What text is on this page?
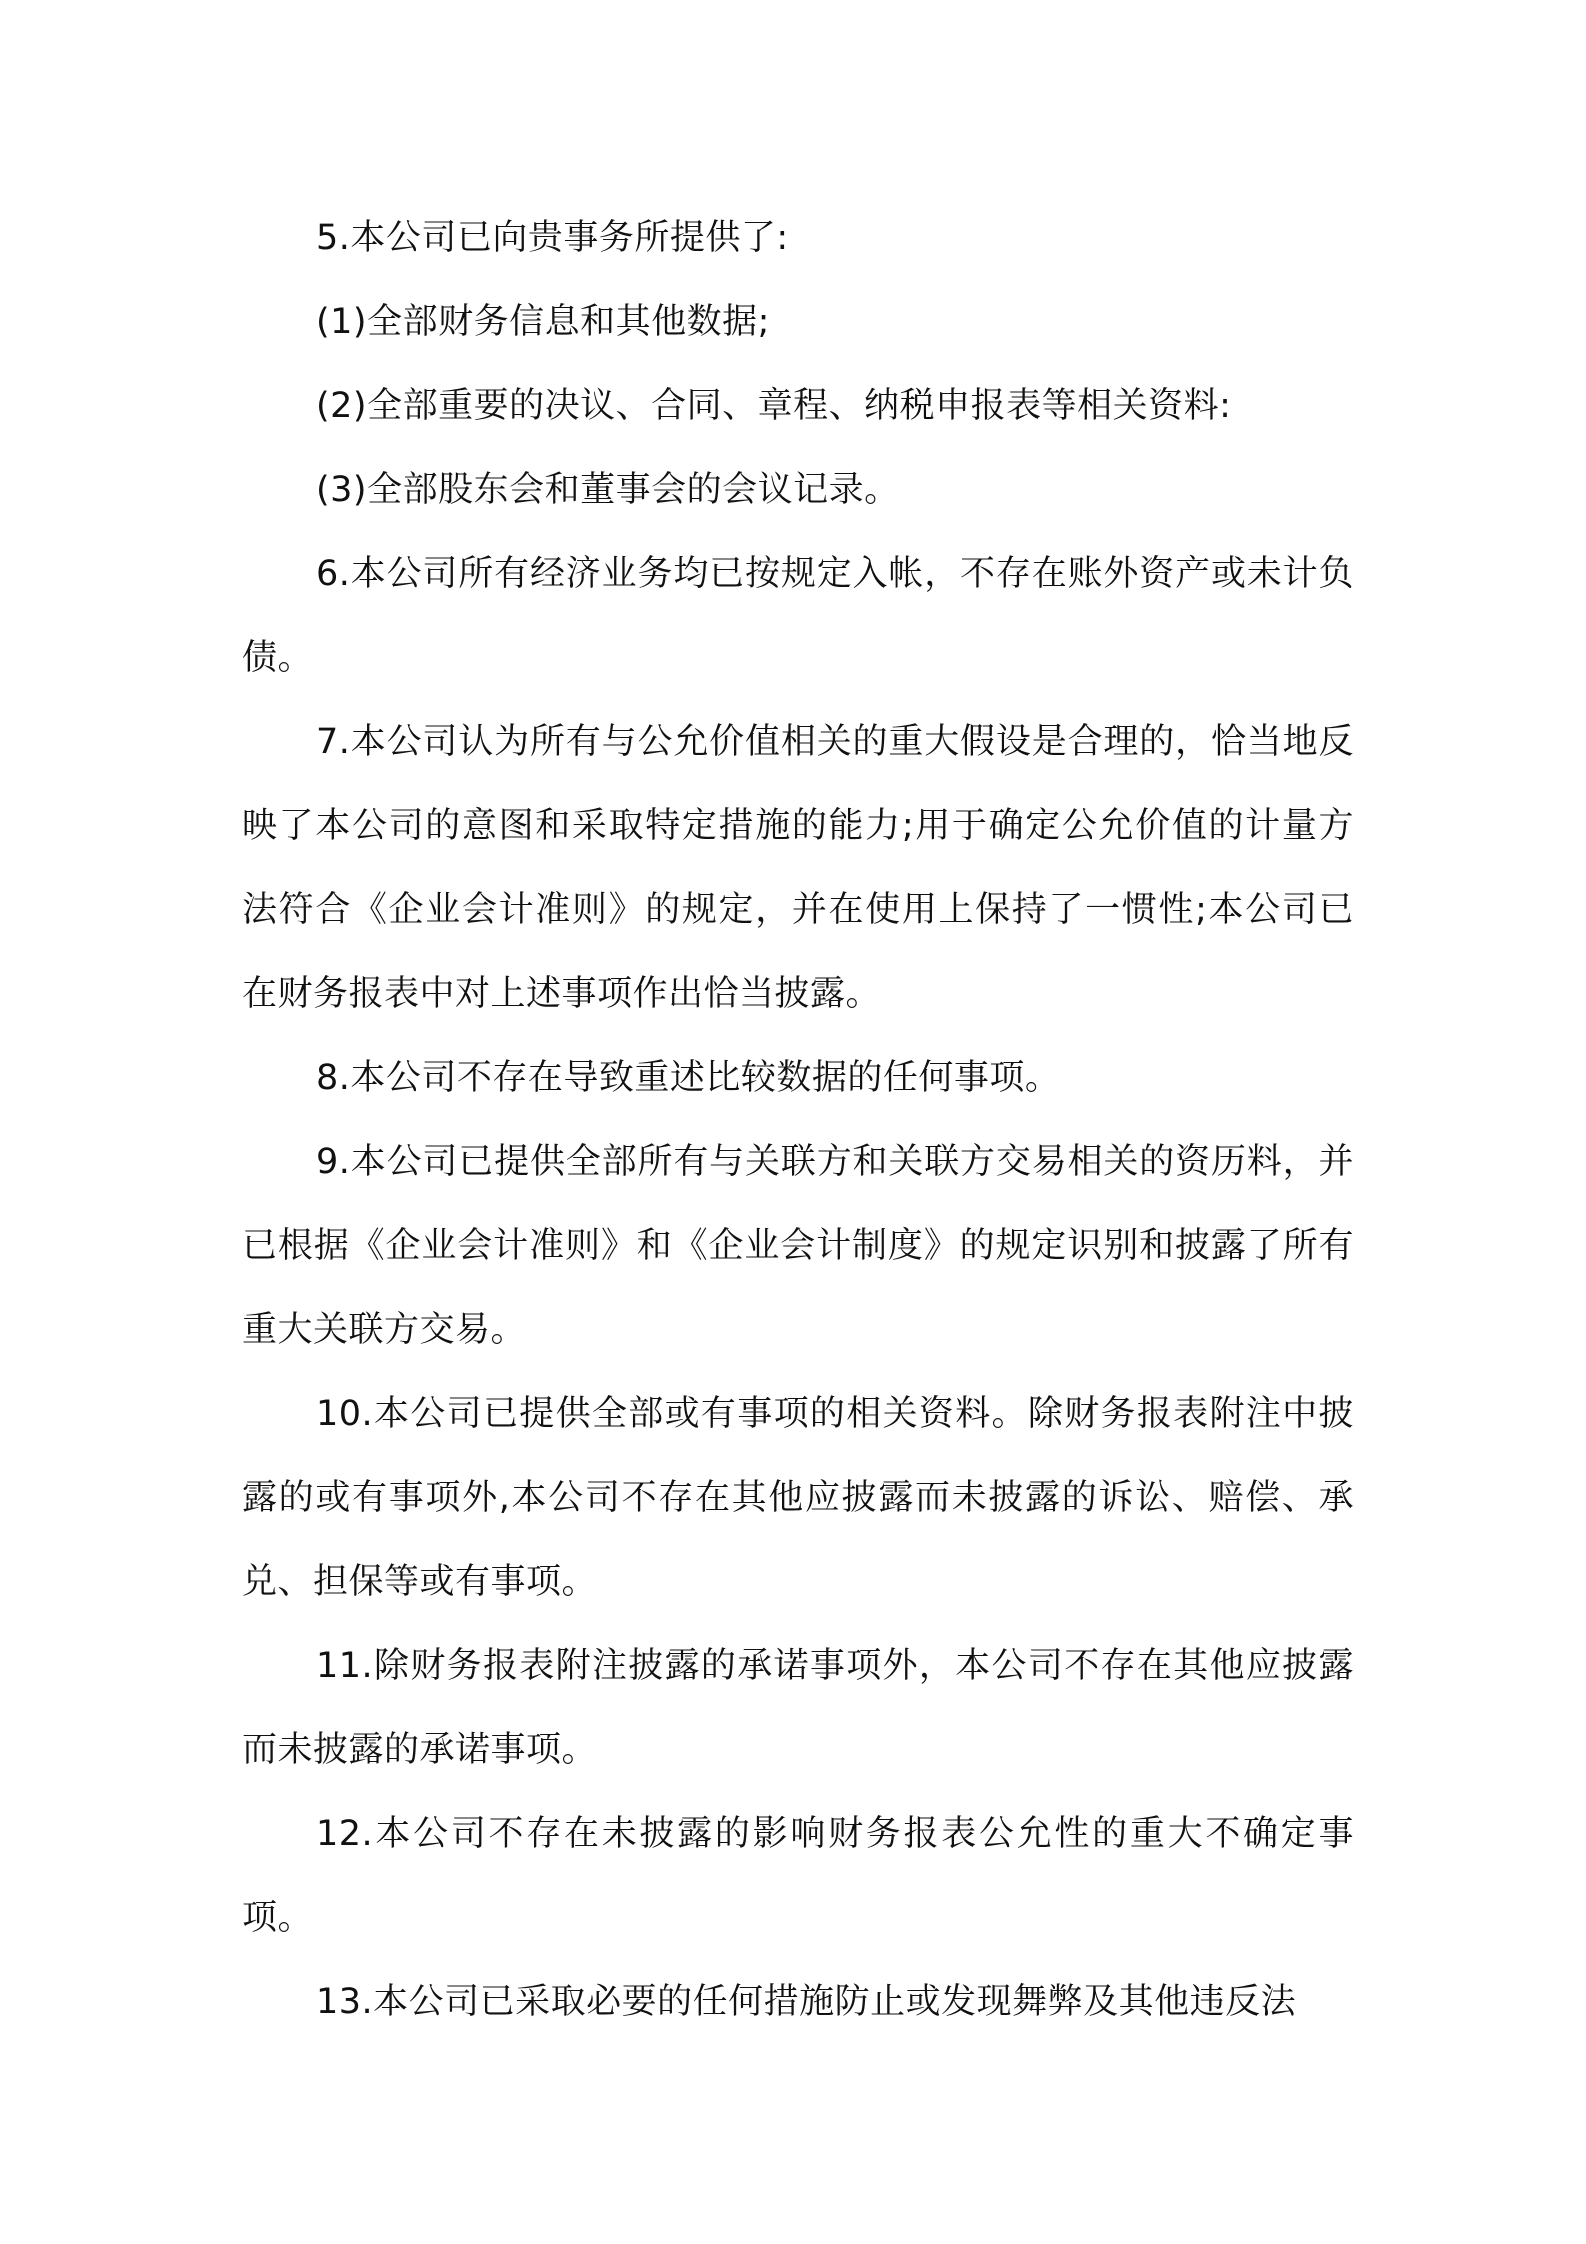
5.本公司已向贵事务所提供了:

(1)全部财务信息和其他数据;

(2)全部重要的决议、合同、章程、纳税申报表等相关资料:

(3)全部股东会和董事会的会议记录。

6.本公司所有经济业务均已按规定入帐，不存在账外资产或未计负债。

7.本公司认为所有与公允价值相关的重大假设是合理的，恰当地反映了本公司的意图和采取特定措施的能力;用于确定公允价值的计量方法符合《企业会计准则》的规定，并在使用上保持了一惯性;本公司已在财务报表中对上述事项作出恰当披露。

8.本公司不存在导致重述比较数据的任何事项。

9.本公司已提供全部所有与关联方和关联方交易相关的资历料，并已根据《企业会计准则》和《企业会计制度》的规定识别和披露了所有重大关联方交易。

10.本公司已提供全部或有事项的相关资料。除财务报表附注中披露的或有事项外,本公司不存在其他应披露而未披露的诉讼、赔偿、承兑、担保等或有事项。

11.除财务报表附注披露的承诺事项外，本公司不存在其他应披露而未披露的承诺事项。

12.本公司不存在未披露的影响财务报表公允性的重大不确定事项。

13.本公司已采取必要的任何措施防止或发现舞弊及其他违反法
